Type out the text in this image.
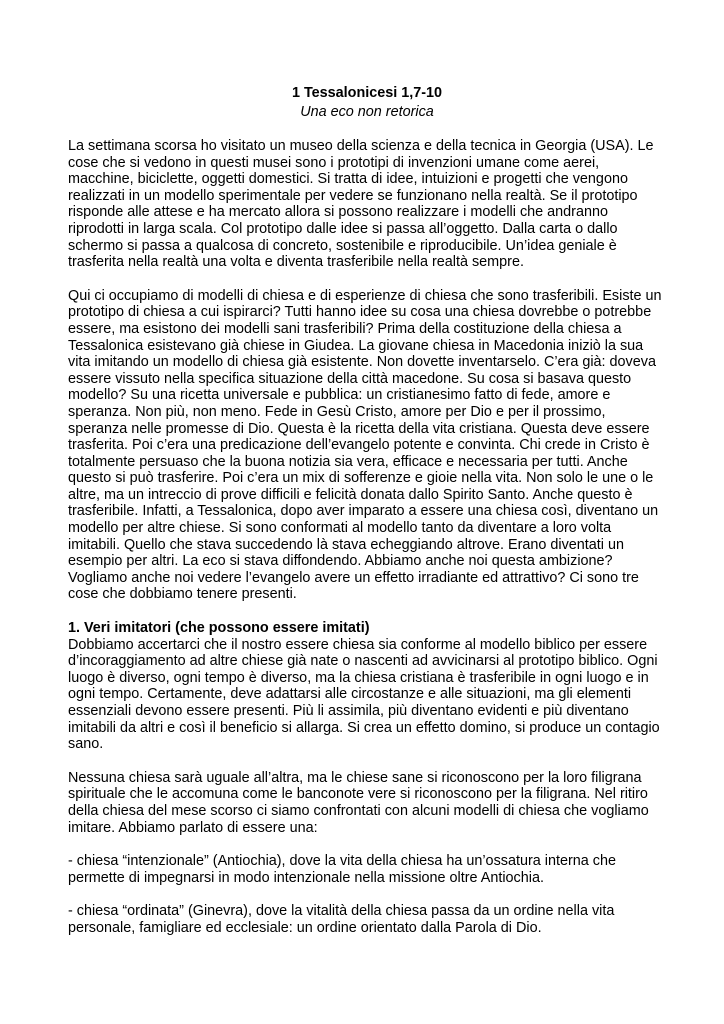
1 Tessalonicesi 1,7-10
Una eco non retorica

La settimana scorsa ho visitato un museo della scienza e della tecnica in Georgia (USA). Le cose che si vedono in questi musei sono i prototipi di invenzioni umane come aerei, macchine, biciclette, oggetti domestici. Si tratta di idee, intuizioni e progetti che vengono realizzati in un modello sperimentale per vedere se funzionano nella realtà. Se il prototipo risponde alle attese e ha mercato allora si possono realizzare i modelli che andranno riprodotti in larga scala. Col prototipo dalle idee si passa all’oggetto. Dalla carta o dallo schermo si passa a qualcosa di concreto, sostenibile e riproducibile. Un’idea geniale è trasferita nella realtà una volta e diventa trasferibile nella realtà sempre.

Qui ci occupiamo di modelli di chiesa e di esperienze di chiesa che sono trasferibili. Esiste un prototipo di chiesa a cui ispirarci? Tutti hanno idee su cosa una chiesa dovrebbe o potrebbe essere, ma esistono dei modelli sani trasferibili? Prima della costituzione della chiesa a Tessalonica esistevano già chiese in Giudea. La giovane chiesa in Macedonia iniziò la sua vita imitando un modello di chiesa già esistente. Non dovette inventarselo. C’era già: doveva essere vissuto nella specifica situazione della città macedone. Su cosa si basava questo modello? Su una ricetta universale e pubblica: un cristianesimo fatto di fede, amore e speranza. Non più, non meno. Fede in Gesù Cristo, amore per Dio e per il prossimo, speranza nelle promesse di Dio. Questa è la ricetta della vita cristiana. Questa deve essere trasferita. Poi c’era una predicazione dell’evangelo potente e convinta. Chi crede in Cristo è totalmente persuaso che la buona notizia sia vera, efficace e necessaria per tutti. Anche questo si può trasferire. Poi c’era un mix di sofferenze e gioie nella vita. Non solo le une o le altre, ma un intreccio di prove difficili e felicità donata dallo Spirito Santo. Anche questo è trasferibile. Infatti, a Tessalonica, dopo aver imparato a essere una chiesa così, diventano un modello per altre chiese. Si sono conformati al modello tanto da diventare a loro volta imitabili. Quello che stava succedendo là stava echeggiando altrove. Erano diventati un esempio per altri. La eco si stava diffondendo. Abbiamo anche noi questa ambizione? Vogliamo anche noi vedere l’evangelo avere un effetto irradiante ed attrattivo? Ci sono tre cose che dobbiamo tenere presenti.

1. Veri imitatori (che possono essere imitati)
Dobbiamo accertarci che il nostro essere chiesa sia conforme al modello biblico per essere d’incoraggiamento ad altre chiese già nate o nascenti ad avvicinarsi al prototipo biblico. Ogni luogo è diverso, ogni tempo è diverso, ma la chiesa cristiana è trasferibile in ogni luogo e in ogni tempo. Certamente, deve adattarsi alle circostanze e alle situazioni, ma gli elementi essenziali devono essere presenti. Più li assimila, più diventano evidenti e più diventano imitabili da altri e così il beneficio si allarga. Si crea un effetto domino, si produce un contagio sano.

Nessuna chiesa sarà uguale all’altra, ma le chiese sane si riconoscono per la loro filigrana spirituale che le accomuna come le banconote vere si riconoscono per la filigrana. Nel ritiro della chiesa del mese scorso ci siamo confrontati con alcuni modelli di chiesa che vogliamo imitare. Abbiamo parlato di essere una:

- chiesa “intenzionale” (Antiochia), dove la vita della chiesa ha un’ossatura interna che permette di impegnarsi in modo intenzionale nella missione oltre Antiochia.

- chiesa “ordinata” (Ginevra), dove la vitalità della chiesa passa da un ordine nella vita personale, famigliare ed ecclesiale: un ordine orientato dalla Parola di Dio.
